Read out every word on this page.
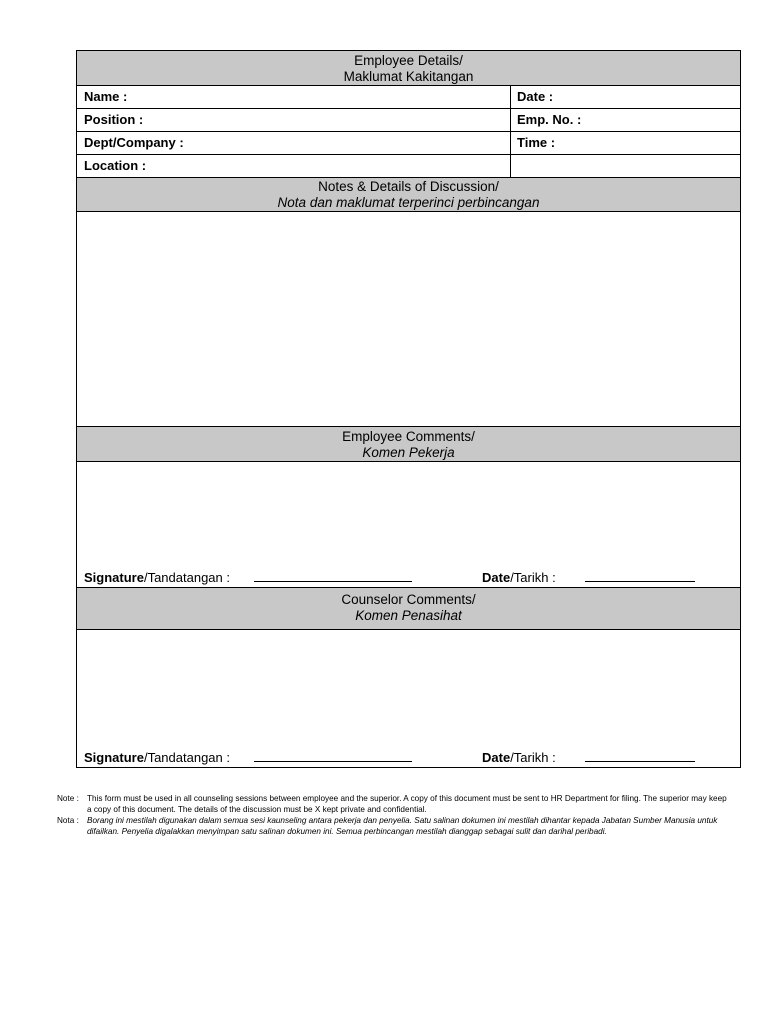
Employee Details/
Maklumat Kakitangan
Name :	Date :
Position :	Emp. No. :
Dept/Company :	Time :
Location :
Notes & Details of Discussion/
Nota dan maklumat terperinci perbincangan
Employee Comments/
Komen Pekerja
Signature/Tandatangan :	Date/Tarikh :
Counselor Comments/
Komen Penasihat
Signature/Tandatangan :	Date/Tarikh :
Note : This form must be used in all counseling sessions between employee and the superior. A copy of this document must be sent to HR Department for filing. The superior may keep a copy of this document. The details of the discussion must be X kept private and confidential.
Nota : Borang ini mestilah digunakan dalam semua sesi kaunseling antara pekerja dan penyelia. Satu salinan dokumen ini mestilah dihantar kepada Jabatan Sumber Manusia untuk difailkan. Penyelia digalakkan menyimpan satu salinan dokumen ini. Semua perbincangan mestilah dianggap sebagai sulit dan darihal peribadi.
